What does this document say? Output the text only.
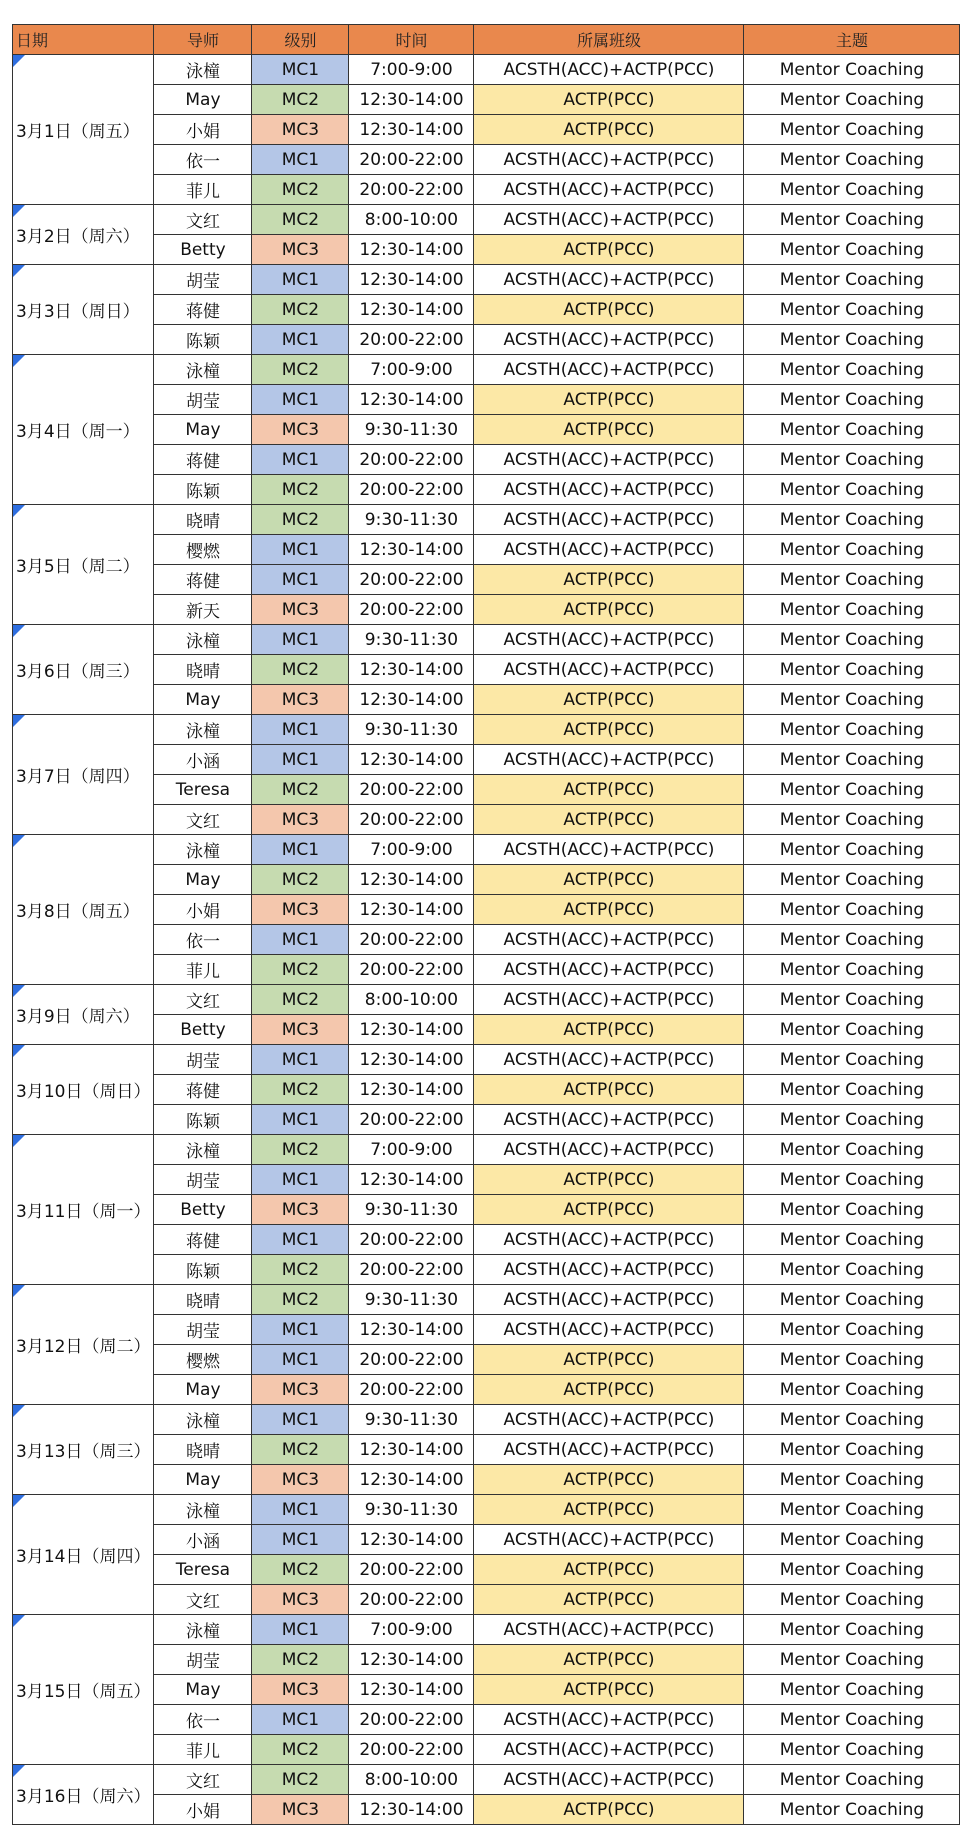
日期	导师	级别	时间	所属班级	主题

3月1日（周五）	泳橦	MC1	7:00-9:00	ACSTH(ACC)+ACTP(PCC)	Mentor Coaching
	May	MC2	12:30-14:00	ACTP(PCC)	Mentor Coaching
	小娟	MC3	12:30-14:00	ACTP(PCC)	Mentor Coaching
	依一	MC1	20:00-22:00	ACSTH(ACC)+ACTP(PCC)	Mentor Coaching
	菲儿	MC2	20:00-22:00	ACSTH(ACC)+ACTP(PCC)	Mentor Coaching

3月2日（周六）	文红	MC2	8:00-10:00	ACSTH(ACC)+ACTP(PCC)	Mentor Coaching
	Betty	MC3	12:30-14:00	ACTP(PCC)	Mentor Coaching

3月3日（周日）	胡莹	MC1	12:30-14:00	ACSTH(ACC)+ACTP(PCC)	Mentor Coaching
	蒋健	MC2	12:30-14:00	ACTP(PCC)	Mentor Coaching
	陈颖	MC1	20:00-22:00	ACSTH(ACC)+ACTP(PCC)	Mentor Coaching

3月4日（周一）	泳橦	MC2	7:00-9:00	ACSTH(ACC)+ACTP(PCC)	Mentor Coaching
	胡莹	MC1	12:30-14:00	ACTP(PCC)	Mentor Coaching
	May	MC3	9:30-11:30	ACTP(PCC)	Mentor Coaching
	蒋健	MC1	20:00-22:00	ACSTH(ACC)+ACTP(PCC)	Mentor Coaching
	陈颖	MC2	20:00-22:00	ACSTH(ACC)+ACTP(PCC)	Mentor Coaching

3月5日（周二）	晓晴	MC2	9:30-11:30	ACSTH(ACC)+ACTP(PCC)	Mentor Coaching
	樱燃	MC1	12:30-14:00	ACSTH(ACC)+ACTP(PCC)	Mentor Coaching
	蒋健	MC1	20:00-22:00	ACTP(PCC)	Mentor Coaching
	新天	MC3	20:00-22:00	ACTP(PCC)	Mentor Coaching

3月6日（周三）	泳橦	MC1	9:30-11:30	ACSTH(ACC)+ACTP(PCC)	Mentor Coaching
	晓晴	MC2	12:30-14:00	ACSTH(ACC)+ACTP(PCC)	Mentor Coaching
	May	MC3	12:30-14:00	ACTP(PCC)	Mentor Coaching

3月7日（周四）	泳橦	MC1	9:30-11:30	ACTP(PCC)	Mentor Coaching
	小涵	MC1	12:30-14:00	ACSTH(ACC)+ACTP(PCC)	Mentor Coaching
	Teresa	MC2	20:00-22:00	ACTP(PCC)	Mentor Coaching
	文红	MC3	20:00-22:00	ACTP(PCC)	Mentor Coaching

3月8日（周五）	泳橦	MC1	7:00-9:00	ACSTH(ACC)+ACTP(PCC)	Mentor Coaching
	May	MC2	12:30-14:00	ACTP(PCC)	Mentor Coaching
	小娟	MC3	12:30-14:00	ACTP(PCC)	Mentor Coaching
	依一	MC1	20:00-22:00	ACSTH(ACC)+ACTP(PCC)	Mentor Coaching
	菲儿	MC2	20:00-22:00	ACSTH(ACC)+ACTP(PCC)	Mentor Coaching

3月9日（周六）	文红	MC2	8:00-10:00	ACSTH(ACC)+ACTP(PCC)	Mentor Coaching
	Betty	MC3	12:30-14:00	ACTP(PCC)	Mentor Coaching

3月10日（周日）	胡莹	MC1	12:30-14:00	ACSTH(ACC)+ACTP(PCC)	Mentor Coaching
	蒋健	MC2	12:30-14:00	ACTP(PCC)	Mentor Coaching
	陈颖	MC1	20:00-22:00	ACSTH(ACC)+ACTP(PCC)	Mentor Coaching

3月11日（周一）	泳橦	MC2	7:00-9:00	ACSTH(ACC)+ACTP(PCC)	Mentor Coaching
	胡莹	MC1	12:30-14:00	ACTP(PCC)	Mentor Coaching
	Betty	MC3	9:30-11:30	ACTP(PCC)	Mentor Coaching
	蒋健	MC1	20:00-22:00	ACSTH(ACC)+ACTP(PCC)	Mentor Coaching
	陈颖	MC2	20:00-22:00	ACSTH(ACC)+ACTP(PCC)	Mentor Coaching

3月12日（周二）	晓晴	MC2	9:30-11:30	ACSTH(ACC)+ACTP(PCC)	Mentor Coaching
	胡莹	MC1	12:30-14:00	ACSTH(ACC)+ACTP(PCC)	Mentor Coaching
	樱燃	MC1	20:00-22:00	ACTP(PCC)	Mentor Coaching
	May	MC3	20:00-22:00	ACTP(PCC)	Mentor Coaching

3月13日（周三）	泳橦	MC1	9:30-11:30	ACSTH(ACC)+ACTP(PCC)	Mentor Coaching
	晓晴	MC2	12:30-14:00	ACSTH(ACC)+ACTP(PCC)	Mentor Coaching
	May	MC3	12:30-14:00	ACTP(PCC)	Mentor Coaching

3月14日（周四）	泳橦	MC1	9:30-11:30	ACTP(PCC)	Mentor Coaching
	小涵	MC1	12:30-14:00	ACSTH(ACC)+ACTP(PCC)	Mentor Coaching
	Teresa	MC2	20:00-22:00	ACTP(PCC)	Mentor Coaching
	文红	MC3	20:00-22:00	ACTP(PCC)	Mentor Coaching

3月15日（周五）	泳橦	MC1	7:00-9:00	ACSTH(ACC)+ACTP(PCC)	Mentor Coaching
	胡莹	MC2	12:30-14:00	ACTP(PCC)	Mentor Coaching
	May	MC3	12:30-14:00	ACTP(PCC)	Mentor Coaching
	依一	MC1	20:00-22:00	ACSTH(ACC)+ACTP(PCC)	Mentor Coaching
	菲儿	MC2	20:00-22:00	ACSTH(ACC)+ACTP(PCC)	Mentor Coaching

3月16日（周六）	文红	MC2	8:00-10:00	ACSTH(ACC)+ACTP(PCC)	Mentor Coaching
	小娟	MC3	12:30-14:00	ACTP(PCC)	Mentor Coaching
